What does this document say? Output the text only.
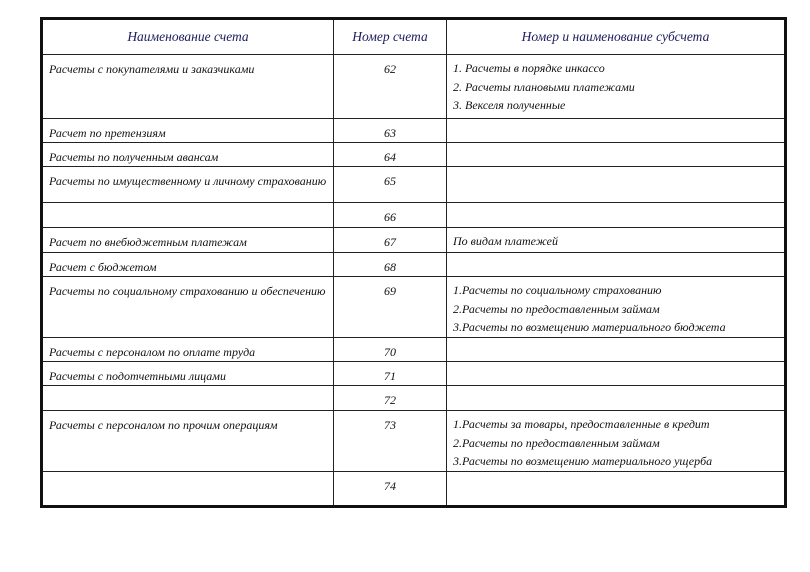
Наименование счета	Номер счета	Номер и наименование субсчета
Расчеты с покупателями и заказчиками	62	1. Расчеты в порядке инкассо
2. Расчеты плановыми платежами
3. Векселя полученные

Расчет по претензиям	63	
Расчеты по полученным авансам	64	
Расчеты по имущественному и личному страхованию	65	
	66	
Расчет по внебюджетным платежам	67	По видам платежей

Расчет с бюджетом	68	
Расчеты по социальному страхованию и обеспечению	69	1.Расчеты по социальному страхованию
2.Расчеты по предоставленным займам
3.Расчеты по возмещению материального бюджета

Расчеты с персоналом по оплате труда	70	
Расчеты с подотчетными лицами	71	
	72	
Расчеты с персоналом по прочим операциям	73	1.Расчеты за товары, предоставленные в кредит
2.Расчеты по предоставленным займам
3.Расчеты по возмещению материального ущерба

	74	
